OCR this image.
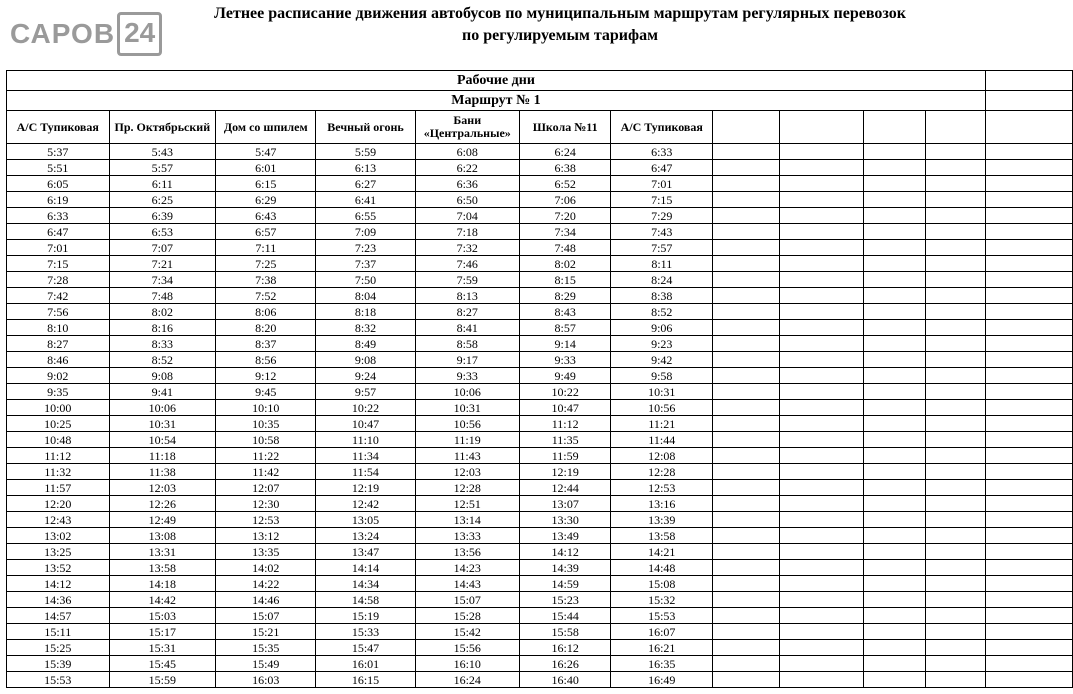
САРОВ 24
Летнее расписание движения автобусов по муниципальным маршрутам регулярных перевозок
по регулируемым тарифам
Рабочие дни											
Маршрут № 1											
А/С Тупиковая	Пр. Октябрьский	Дом со шпилем	Вечный огонь	Бани «Центральные»	Школа №11	А/С Тупиковая					
5:37	5:43	5:47	5:59	6:08	6:24	6:33					
5:51	5:57	6:01	6:13	6:22	6:38	6:47					
6:05	6:11	6:15	6:27	6:36	6:52	7:01					
6:19	6:25	6:29	6:41	6:50	7:06	7:15					
6:33	6:39	6:43	6:55	7:04	7:20	7:29					
6:47	6:53	6:57	7:09	7:18	7:34	7:43					
7:01	7:07	7:11	7:23	7:32	7:48	7:57					
7:15	7:21	7:25	7:37	7:46	8:02	8:11					
7:28	7:34	7:38	7:50	7:59	8:15	8:24					
7:42	7:48	7:52	8:04	8:13	8:29	8:38					
7:56	8:02	8:06	8:18	8:27	8:43	8:52					
8:10	8:16	8:20	8:32	8:41	8:57	9:06					
8:27	8:33	8:37	8:49	8:58	9:14	9:23					
8:46	8:52	8:56	9:08	9:17	9:33	9:42					
9:02	9:08	9:12	9:24	9:33	9:49	9:58					
9:35	9:41	9:45	9:57	10:06	10:22	10:31					
10:00	10:06	10:10	10:22	10:31	10:47	10:56					
10:25	10:31	10:35	10:47	10:56	11:12	11:21					
10:48	10:54	10:58	11:10	11:19	11:35	11:44					
11:12	11:18	11:22	11:34	11:43	11:59	12:08					
11:32	11:38	11:42	11:54	12:03	12:19	12:28					
11:57	12:03	12:07	12:19	12:28	12:44	12:53					
12:20	12:26	12:30	12:42	12:51	13:07	13:16					
12:43	12:49	12:53	13:05	13:14	13:30	13:39					
13:02	13:08	13:12	13:24	13:33	13:49	13:58					
13:25	13:31	13:35	13:47	13:56	14:12	14:21					
13:52	13:58	14:02	14:14	14:23	14:39	14:48					
14:12	14:18	14:22	14:34	14:43	14:59	15:08					
14:36	14:42	14:46	14:58	15:07	15:23	15:32					
14:57	15:03	15:07	15:19	15:28	15:44	15:53					
15:11	15:17	15:21	15:33	15:42	15:58	16:07					
15:25	15:31	15:35	15:47	15:56	16:12	16:21					
15:39	15:45	15:49	16:01	16:10	16:26	16:35					
15:53	15:59	16:03	16:15	16:24	16:40	16:49					
